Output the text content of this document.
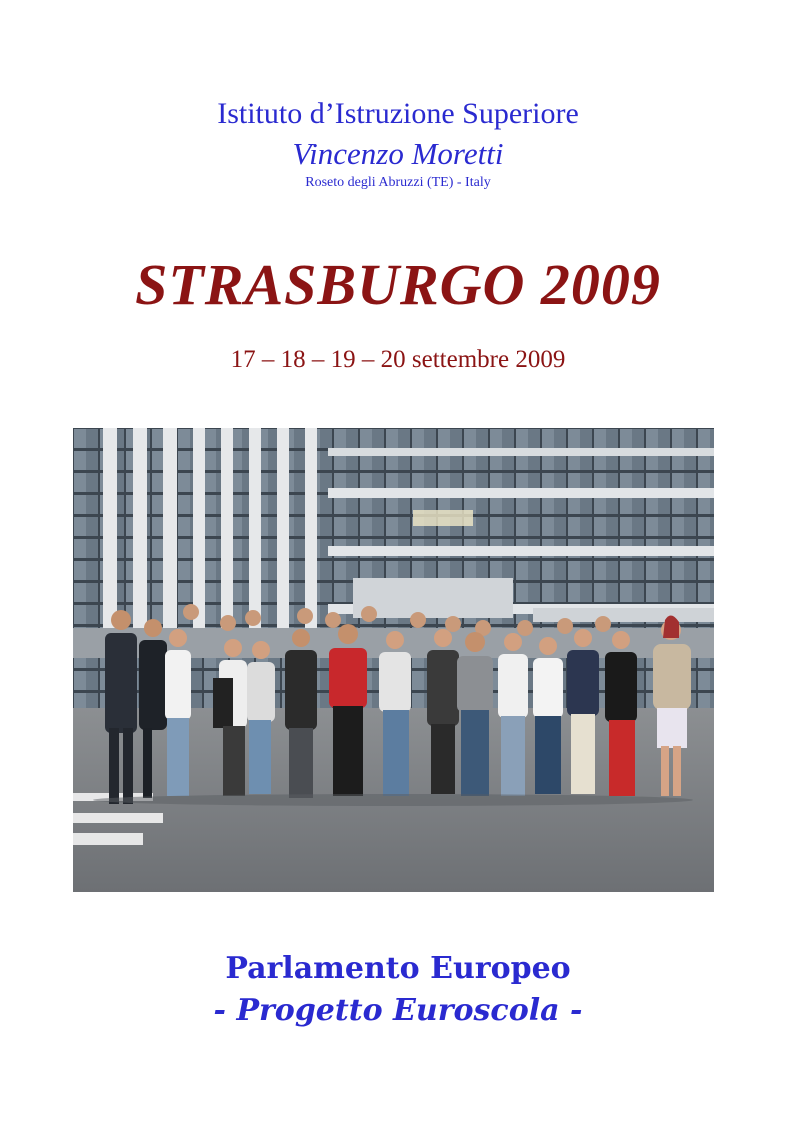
Istituto d’Istruzione Superiore
Vincenzo Moretti
Roseto degli Abruzzi (TE) - Italy
STRASBURGO 2009
17 – 18 – 19 – 20 settembre 2009
Parlamento Europeo
- Progetto Euroscola -
